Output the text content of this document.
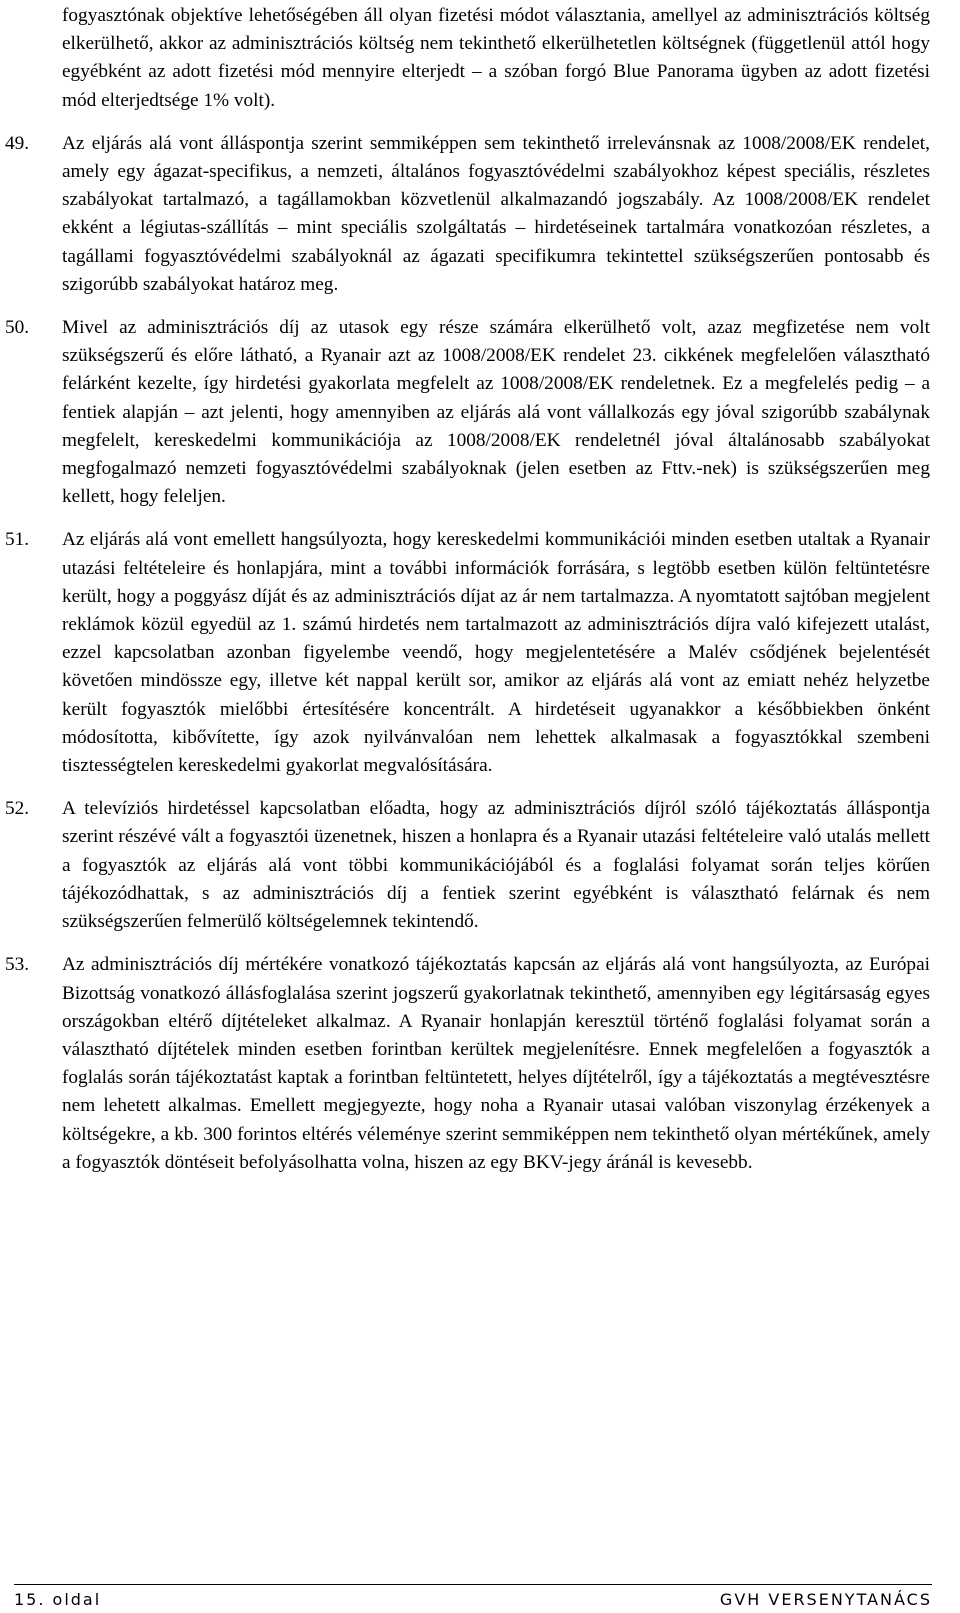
fogyasztónak objektíve lehetőségében áll olyan fizetési módot választania, amellyel az adminisztrációs költség elkerülhető, akkor az adminisztrációs költség nem tekinthető elkerülhetetlen költségnek (függetlenül attól hogy egyébként az adott fizetési mód mennyire elterjedt – a szóban forgó Blue Panorama ügyben az adott fizetési mód elterjedtsége 1% volt).

49.	Az eljárás alá vont álláspontja szerint semmiképpen sem tekinthető irrelevánsnak az 1008/2008/EK rendelet, amely egy ágazat-specifikus, a nemzeti, általános fogyasztóvédelmi szabályokhoz képest speciális, részletes szabályokat tartalmazó, a tagállamokban közvetlenül alkalmazandó jogszabály. Az 1008/2008/EK rendelet ekként a légiutas-szállítás – mint speciális szolgáltatás – hirdetéseinek tartalmára vonatkozóan részletes, a tagállami fogyasztóvédelmi szabályoknál az ágazati specifikumra tekintettel szükségszerűen pontosabb és szigorúbb szabályokat határoz meg.

50.	Mivel az adminisztrációs díj az utasok egy része számára elkerülhető volt, azaz megfizetése nem volt szükségszerű és előre látható, a Ryanair azt az 1008/2008/EK rendelet 23. cikkének megfelelően választható felárként kezelte, így hirdetési gyakorlata megfelelt az 1008/2008/EK rendeletnek. Ez a megfelelés pedig – a fentiek alapján – azt jelenti, hogy amennyiben az eljárás alá vont vállalkozás egy jóval szigorúbb szabálynak megfelelt, kereskedelmi kommunikációja az 1008/2008/EK rendeletnél jóval általánosabb szabályokat megfogalmazó nemzeti fogyasztóvédelmi szabályoknak (jelen esetben az Fttv.-nek) is szükségszerűen meg kellett, hogy feleljen.

51.	Az eljárás alá vont emellett hangsúlyozta, hogy kereskedelmi kommunikációi minden esetben utaltak a Ryanair utazási feltételeire és honlapjára, mint a további információk forrására, s legtöbb esetben külön feltüntetésre került, hogy a poggyász díját és az adminisztrációs díjat az ár nem tartalmazza. A nyomtatott sajtóban megjelent reklámok közül egyedül az 1. számú hirdetés nem tartalmazott az adminisztrációs díjra való kifejezett utalást, ezzel kapcsolatban azonban figyelembe veendő, hogy megjelentetésére a Malév csődjének bejelentését követően mindössze egy, illetve két nappal került sor, amikor az eljárás alá vont az emiatt nehéz helyzetbe került fogyasztók mielőbbi értesítésére koncentrált. A hirdetéseit ugyanakkor a későbbiekben önként módosította, kibővítette, így azok nyilvánvalóan nem lehettek alkalmasak a fogyasztókkal szembeni tisztességtelen kereskedelmi gyakorlat megvalósítására.

52.	A televíziós hirdetéssel kapcsolatban előadta, hogy az adminisztrációs díjról szóló tájékoztatás álláspontja szerint részévé vált a fogyasztói üzenetnek, hiszen a honlapra és a Ryanair utazási feltételeire való utalás mellett a fogyasztók az eljárás alá vont többi kommunikációjából és a foglalási folyamat során teljes körűen tájékozódhattak, s az adminisztrációs díj a fentiek szerint egyébként is választható felárnak és nem szükségszerűen felmerülő költségelemnek tekintendő.

53.	Az adminisztrációs díj mértékére vonatkozó tájékoztatás kapcsán az eljárás alá vont hangsúlyozta, az Európai Bizottság vonatkozó állásfoglalása szerint jogszerű gyakorlatnak tekinthető, amennyiben egy légitársaság egyes országokban eltérő díjtételeket alkalmaz. A Ryanair honlapján keresztül történő foglalási folyamat során a választható díjtételek minden esetben forintban kerültek megjelenítésre. Ennek megfelelően a fogyasztók a foglalás során tájékoztatást kaptak a forintban feltüntetett, helyes díjtételről, így a tájékoztatás a megtévesztésre nem lehetett alkalmas. Emellett megjegyezte, hogy noha a Ryanair utasai valóban viszonylag érzékenyek a költségekre, a kb. 300 forintos eltérés véleménye szerint semmiképpen nem tekinthető olyan mértékűnek, amely a fogyasztók döntéseit befolyásolhatta volna, hiszen az egy BKV-jegy áránál is kevesebb.

15. oldal	GVH VERSENYTANÁCS
